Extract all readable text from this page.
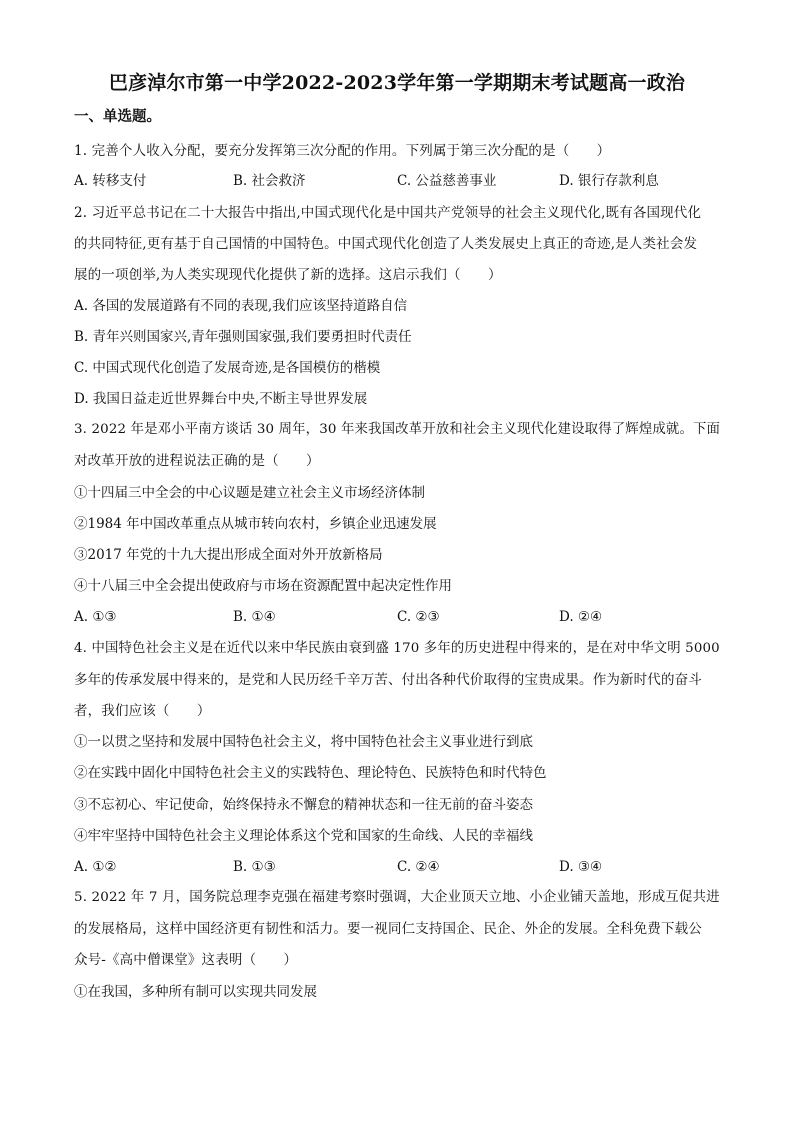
巴彦淖尔市第一中学2022-2023学年第一学期期末考试题高一政治
一、单选题。
1. 完善个人收入分配，要充分发挥第三次分配的作用。下列属于第三次分配的是（　　）
A. 转移支付	B. 社会救济	C. 公益慈善事业	D. 银行存款利息
2. 习近平总书记在二十大报告中指出,中国式现代化是中国共产党领导的社会主义现代化,既有各国现代化
的共同特征,更有基于自己国情的中国特色。中国式现代化创造了人类发展史上真正的奇迹,是人类社会发
展的一项创举,为人类实现现代化提供了新的选择。这启示我们（　　）
A. 各国的发展道路有不同的表现,我们应该坚持道路自信
B. 青年兴则国家兴,青年强则国家强,我们要勇担时代责任
C. 中国式现代化创造了发展奇迹,是各国模仿的楷模
D. 我国日益走近世界舞台中央,不断主导世界发展
3. 2022 年是邓小平南方谈话 30 周年，30 年来我国改革开放和社会主义现代化建设取得了辉煌成就。下面
对改革开放的进程说法正确的是（　　）
①十四届三中全会的中心议题是建立社会主义市场经济体制
②1984 年中国改革重点从城市转向农村，乡镇企业迅速发展
③2017 年党的十九大提出形成全面对外开放新格局
④十八届三中全会提出使政府与市场在资源配置中起决定性作用
A. ①③	B. ①④	C. ②③	D. ②④
4. 中国特色社会主义是在近代以来中华民族由衰到盛 170 多年的历史进程中得来的，是在对中华文明 5000
多年的传承发展中得来的，是党和人民历经千辛万苦、付出各种代价取得的宝贵成果。作为新时代的奋斗
者，我们应该（　　）
①一以贯之坚持和发展中国特色社会主义，将中国特色社会主义事业进行到底
②在实践中固化中国特色社会主义的实践特色、理论特色、民族特色和时代特色
③不忘初心、牢记使命，始终保持永不懈怠的精神状态和一往无前的奋斗姿态
④牢牢坚持中国特色社会主义理论体系这个党和国家的生命线、人民的幸福线
A. ①②	B. ①③	C. ②④	D. ③④
5. 2022 年 7 月，国务院总理李克强在福建考察时强调，大企业顶天立地、小企业铺天盖地，形成互促共进
的发展格局，这样中国经济更有韧性和活力。要一视同仁支持国企、民企、外企的发展。全科免费下载公
众号-《高中僧课堂》这表明（　　）
①在我国，多种所有制可以实现共同发展
